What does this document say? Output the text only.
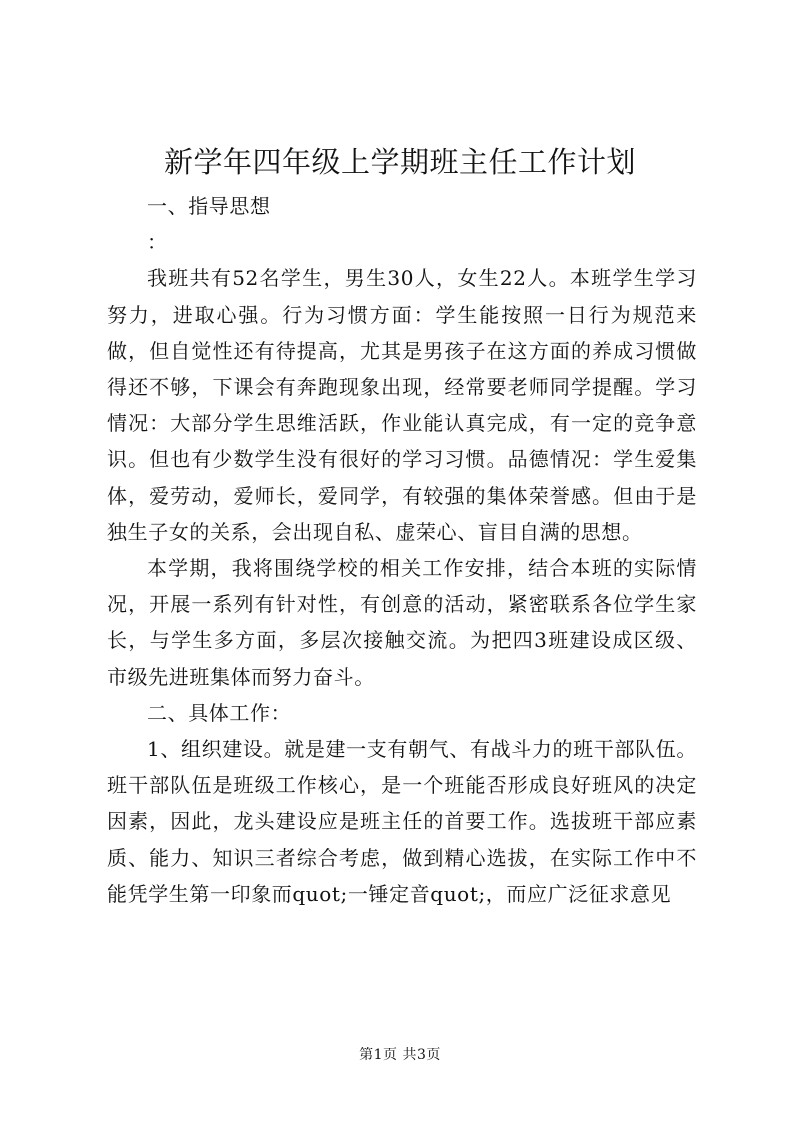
新学年四年级上学期班主任工作计划

一、指导思想

：

我班共有52名学生，男生30人，女生22人。本班学生学习努力，进取心强。行为习惯方面：学生能按照一日行为规范来做，但自觉性还有待提高，尤其是男孩子在这方面的养成习惯做得还不够，下课会有奔跑现象出现，经常要老师同学提醒。学习情况：大部分学生思维活跃，作业能认真完成，有一定的竞争意识。但也有少数学生没有很好的学习习惯。品德情况：学生爱集体，爱劳动，爱师长，爱同学，有较强的集体荣誉感。但由于是独生子女的关系，会出现自私、虚荣心、盲目自满的思想。

本学期，我将围绕学校的相关工作安排，结合本班的实际情况，开展一系列有针对性，有创意的活动，紧密联系各位学生家长，与学生多方面，多层次接触交流。为把四3班建设成区级、市级先进班集体而努力奋斗。

二、具体工作：

1、组织建设。就是建一支有朝气、有战斗力的班干部队伍。班干部队伍是班级工作核心，是一个班能否形成良好班风的决定因素，因此，龙头建设应是班主任的首要工作。选拔班干部应素质、能力、知识三者综合考虑，做到精心选拔，在实际工作中不能凭学生第一印象而quot;一锤定音quot;，而应广泛征求意见

第1页 共3页
